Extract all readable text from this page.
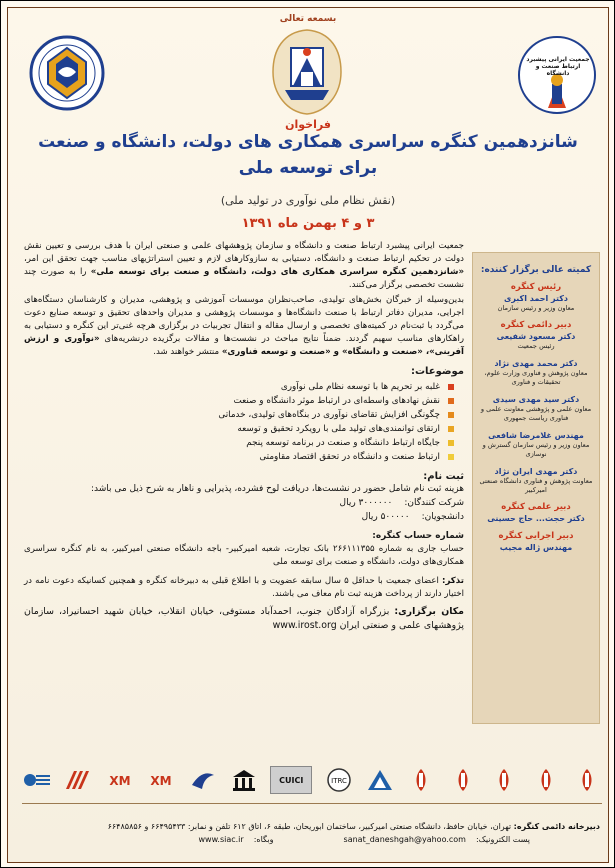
بسمعه تعالی
جمعیت ایرانی پیشبرد ارتباط صنعت و دانشگاه
فراخوان
شانزدهمین کنگره سراسری همکاری های دولت، دانشگاه و صنعت
برای توسعه ملی
(نقش نظام ملی نوآوری در تولید ملی)
۳ و ۴ بهمن ماه ۱۳۹۱

جمعیت ایرانی پیشبرد ارتباط صنعت و دانشگاه و سازمان پژوهشهای علمی و صنعتی ایران با هدف بررسی و تعیین نقش دولت در تحکیم ارتباط صنعت و دانشگاه، دستیابی به سازوکارهای لازم و تعیین استراتژیهای مناسب جهت تحقق این امر، «شانزدهمین کنگره سراسری همکاری های دولت، دانشگاه و صنعت برای توسعه ملی» را به صورت چند نشست تخصصی برگزار می‌کنند.

بدین‌وسیله از خبرگان بخش‌های تولیدی، صاحب‌نظران موسسات آموزشی و پژوهشی، مدیران و کارشناسان دستگاه‌های اجرایی، مدیران دفاتر ارتباط با صنعت دانشگاه‌ها و موسسات پژوهشی و مدیران واحدهای تحقیق و توسعه صنایع دعوت می‌گردد با ثبت‌نام در کمیته‌های تخصصی و ارسال مقاله و انتقال تجربیات در برگزاری هرچه غنی‌تر این کنگره و دستیابی به راهکارهای مناسب سهیم گردند. ضمناً نتایج مباحث در نشست‌ها و مقالات برگزیده درنشریه‌های «نوآوری و ارزش آفرینی»، «صنعت و دانشگاه» و «صنعت و توسعه فناوری» منتشر خواهند شد.

موضوعات:
غلبه بر تحریم ها با توسعه نظام ملی نوآوری
نقش نهادهای واسطه‌ای در ارتباط موثر دانشگاه و صنعت
چگونگی افزایش تقاضای نوآوری در بنگاه‌های تولیدی، خدماتی
ارتقای توانمندی‌های تولید ملی با رویکرد تحقیق و توسعه
جایگاه ارتباط دانشگاه و صنعت در برنامه توسعه پنجم
ارتباط صنعت و دانشگاه در تحقق اقتصاد مقاومتی
ثبت نام:
هزینه ثبت نام شامل حضور در نشست‌ها، دریافت لوح فشرده، پذیرایی و ناهار به شرح ذیل می باشد:
شرکت کنندگان:
۳۰۰۰۰۰۰ ریال
دانشجویان:
۵۰۰۰۰۰ ریال
شماره حساب کنگره:
حساب جاری به شماره ۲۶۶۱۱۱۳۵۵ بانک تجارت، شعبه امیرکبیر- باجه دانشگاه صنعتی امیرکبیر، به نام کنگره سراسری همکاری‌های دولت، دانشگاه و صنعت برای توسعه ملی

تذکر: اعضای جمعیت با حداقل ۵ سال سابقه عضویت و با اطلاع قبلی به دبیرخانه کنگره و همچنین کسانیکه دعوت نامه در اختیار دارند از پرداخت هزینه ثبت نام معاف می باشند.

مکان برگزاری: بزرگراه آزادگان جنوب، احمدآباد مستوفی، خیابان انقلاب، خیابان شهید احسانیراد، سازمان پژوهشهای علمی و صنعتی ایران www.irost.org

کمیته عالی برگزار کننده:
رئیس کنگره
دکتر احمد اکبری
معاون وزیر و رئیس سازمان
دبیر دائمی کنگره
دکتر مسعود شفیعی
رئیس جمعیت
دکتر محمد مهدی نژاد
معاون پژوهش و فناوری وزارت علوم، تحقیقات و فناوری
دکتر سید مهدی سیدی
معاون علمی و پژوهشی معاونت علمی و فناوری ریاست جمهوری
مهندس غلامرضا شافعی
معاون وزیر و رئیس سازمان گسترش و نوسازی
دکتر مهدی ایران نژاد
معاونت پژوهش و فناوری دانشگاه صنعتی امیرکبیر
دبیر علمی کنگره
دکتر حجت‌... حاج حسینی
دبیر اجرایی کنگره
مهندس ژاله مجیب
ITRC
CUICI
XM
XM
دبیرخانه دائمی کنگره: تهران، خیابان حافظ، دانشگاه صنعتی امیرکبیر، ساختمان ابوریحان، طبقه ۶، اتاق ۶۱۲ تلفن و نمابر: ۶۶۴۹۵۴۳۳ و ۶۶۴۸۵۸۵۶
پست الکترونیک:
sanat_daneshgah@yahoo.com
وبگاه:
www.siac.ir
